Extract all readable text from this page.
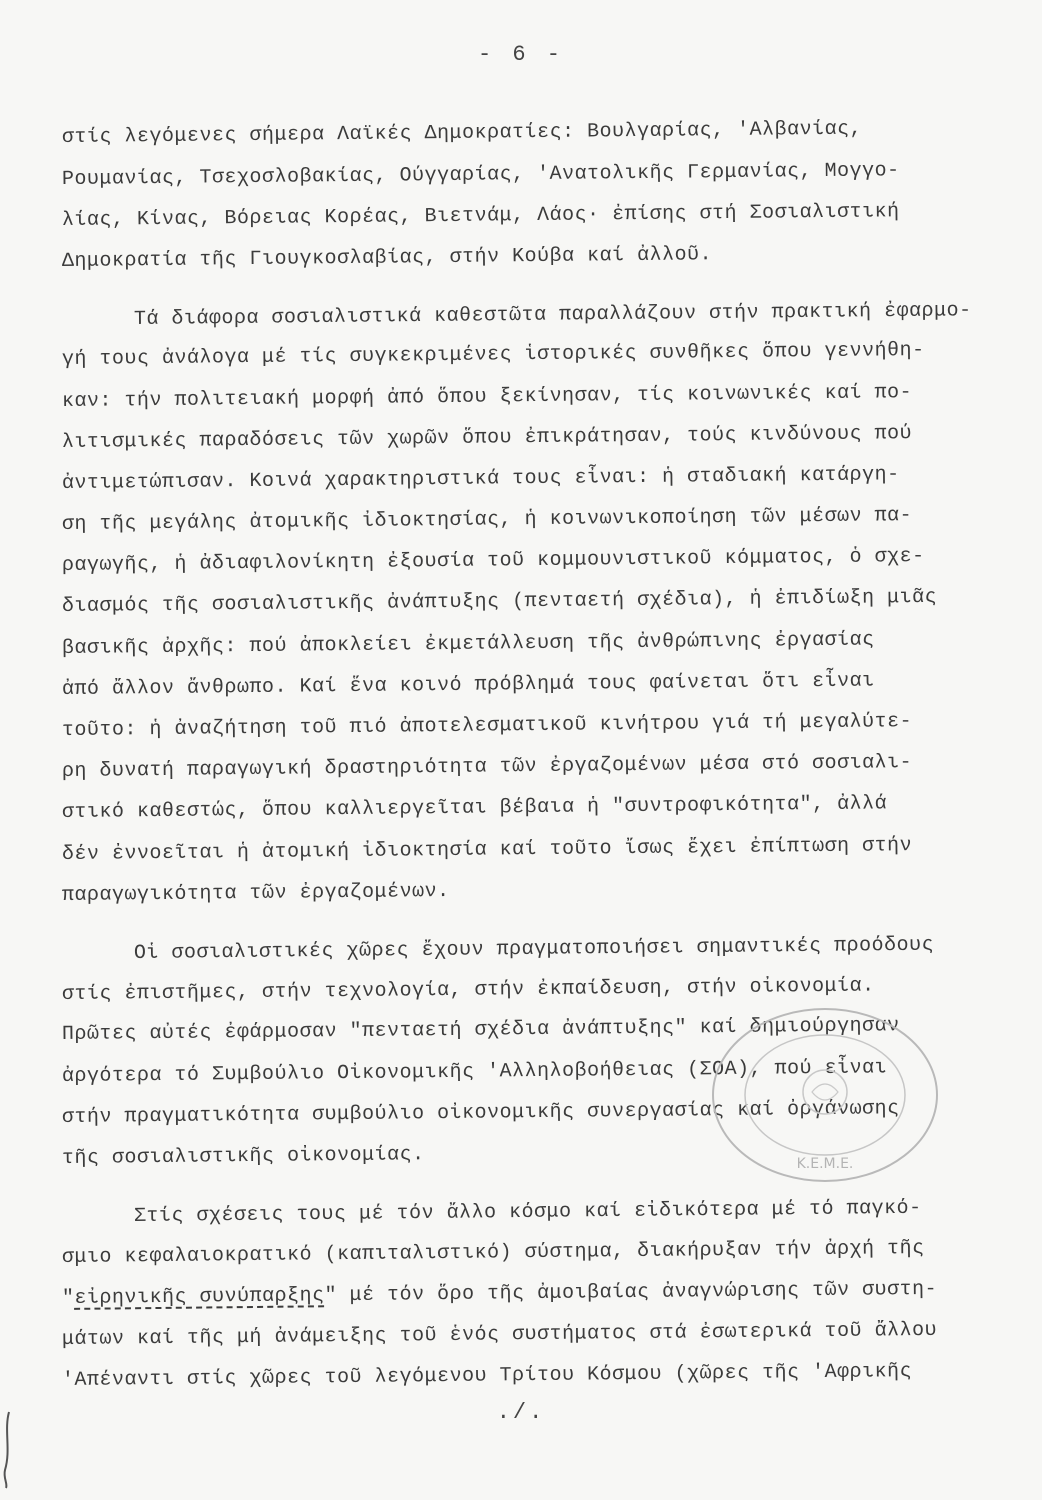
- 6 -
στίς λεγόμενες σήμερα Λαϊκές Δημοκρατίες: Βουλγαρίας, 'Αλβανίας,
Ρουμανίας, Τσεχοσλοβακίας, Ούγγαρίας, 'Ανατολικῆς Γερμανίας, Μογγο-
λίας, Κίνας, Βόρειας Κορέας, Βιετνάμ, Λάος· ἐπίσης στή Σοσιαλιστική
Δημοκρατία τῆς Γιουγκοσλαβίας, στήν Κούβα καί ἀλλοῦ.
Τά διάφορα σοσιαλιστικά καθεστῶτα παραλλάζουν στήν πρακτική ἐφαρμο-
γή τους ἀνάλογα μέ τίς συγκεκριμένες ἱστορικές συνθῆκες ὅπου γεννήθη-
καν: τήν πολιτειακή μορφή ἀπό ὅπου ξεκίνησαν, τίς κοινωνικές καί πο-
λιτισμικές παραδόσεις τῶν χωρῶν ὅπου ἐπικράτησαν, τούς κινδύνους πού
ἀντιμετώπισαν. Κοινά χαρακτηριστικά τους εἶναι: ἡ σταδιακή κατάργη-
ση τῆς μεγάλης ἀτομικῆς ἰδιοκτησίας, ἡ κοινωνικοποίηση τῶν μέσων πα-
ραγωγῆς, ἡ ἀδιαφιλονίκητη ἐξουσία τοῦ κομμουνιστικοῦ κόμματος, ὁ σχε-
διασμός τῆς σοσιαλιστικῆς ἀνάπτυξης (πενταετή σχέδια), ἡ ἐπιδίωξη μιᾶς
βασικῆς ἀρχῆς: πού ἀποκλείει ἐκμετάλλευση τῆς ἀνθρώπινης ἐργασίας
ἀπό ἄλλον ἄνθρωπο. Καί ἕνα κοινό πρόβλημά τους φαίνεται ὅτι εἶναι
τοῦτο: ἡ ἀναζήτηση τοῦ πιό ἀποτελεσματικοῦ κινήτρου γιά τή μεγαλύτε-
ρη δυνατή παραγωγική δραστηριότητα τῶν ἐργαζομένων μέσα στό σοσιαλι-
στικό καθεστώς, ὅπου καλλιεργεῖται βέβαια ἡ "συντροφικότητα", ἀλλά
δέν ἐννοεῖται ἡ ἀτομική ἰδιοκτησία καί τοῦτο ἴσως ἔχει ἐπίπτωση στήν
παραγωγικότητα τῶν ἐργαζομένων.
Οἱ σοσιαλιστικές χῶρες ἔχουν πραγματοποιήσει σημαντικές προόδους
στίς ἐπιστῆμες, στήν τεχνολογία, στήν ἐκπαίδευση, στήν οἰκονομία.
Πρῶτες αὐτές ἐφάρμοσαν "πενταετή σχέδια ἀνάπτυξης" καί δημιούργησαν
ἀργότερα τό Συμβούλιο Οἰκονομικῆς 'Αλληλοβοήθειας (ΣΟΑ), πού εἶναι
στήν πραγματικότητα συμβούλιο οἰκονομικῆς συνεργασίας καί ὀργάνωσης
τῆς σοσιαλιστικῆς οἰκονομίας.
Στίς σχέσεις τους μέ τόν ἄλλο κόσμο καί εἰδικότερα μέ τό παγκό-
σμιο κεφαλαιοκρατικό (καπιταλιστικό) σύστημα, διακήρυξαν τήν ἀρχή τῆς
"εἰρηνικῆς συνύπαρξης" μέ τόν ὅρο τῆς ἀμοιβαίας ἀναγνώρισης τῶν συστη-
μάτων καί τῆς μή ἀνάμειξης τοῦ ἑνός συστήματος στά ἐσωτερικά τοῦ ἄλλου
'Απέναντι στίς χῶρες τοῦ λεγόμενου Τρίτου Κόσμου (χῶρες τῆς 'Αφρικῆς
./.
Κ.Ε.Μ.Ε.
